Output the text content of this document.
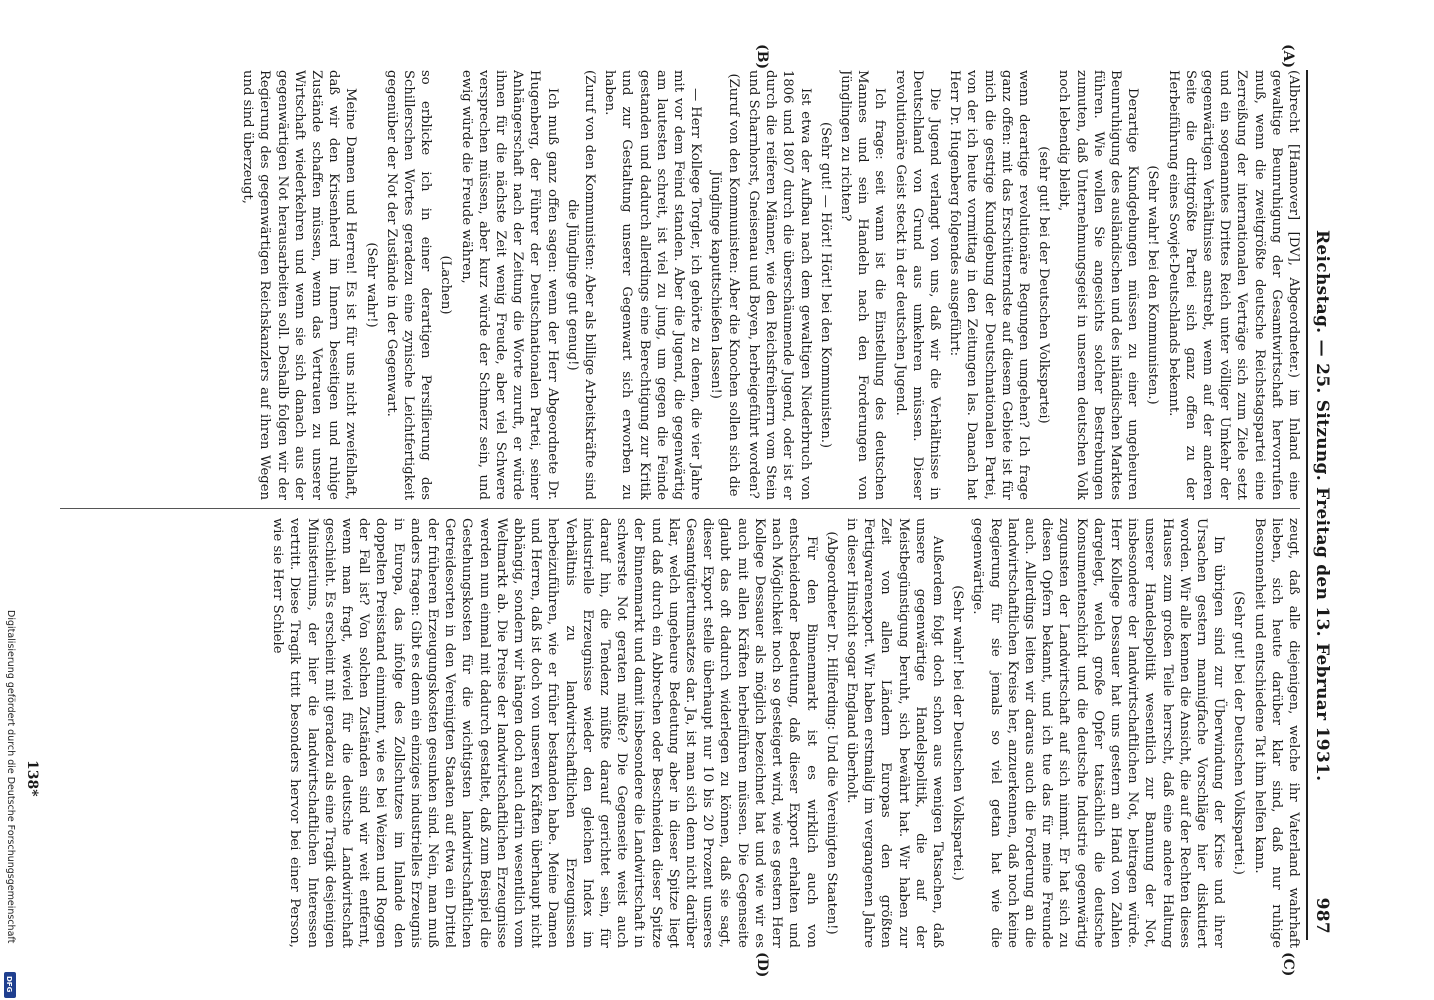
Reichstag. — 25. Sitzung. Freitag den 13. Februar 1931.
987
(A)
(B)
(C)
(D)

(Albrecht [Hannover] [DV], Abgeordneter.) im Inland eine gewaltige Beunruhigung der Gesamtwirtschaft hervorrufen muß, wenn die zweitgrößte deutsche Reichstagspartei eine Zerreißung der internationalen Verträge sich zum Ziele setzt und ein sogenanntes Drittes Reich unter völliger Umkehr der gegenwärtigen Verhältnisse anstrebt, wenn auf der anderen Seite die drittgrößte Partei sich ganz offen zu der Herbeiführung eines Sowjet-Deutschlands bekennt.

(Sehr wahr! bei den Kommunisten.)

Derartige Kundgebungen müssen zu einer ungeheuren Beunruhigung des ausländischen und des inländischen Marktes führen. Wie wollen Sie angesichts solcher Bestrebungen zumuten, daß Unternehmungsgeist in unserem deutschen Volk noch lebendig bleibt,

(sehr gut! bei der Deutschen Volkspartei)

wenn derartige revolutionäre Regungen umgehen? Ich frage ganz offen: mit das Erschütterndste auf diesem Gebiete ist für mich die gestrige Kundgebung der Deutschnationalen Partei, von der ich heute vormittag in den Zeitungen las. Danach hat Herr Dr. Hugenberg folgendes ausgeführt:

Die Jugend verlangt von uns, daß wir die Verhältnisse in Deutschland von Grund aus umkehren müssen. Dieser revolutionäre Geist steckt in der deutschen Jugend.

Ich frage: seit wann ist die Einstellung des deutschen Mannes und sein Handeln nach den Forderungen von Jünglingen zu richten?

(Sehr gut! — Hört! Hört! bei den Kommunisten.)

Ist etwa der Aufbau nach dem gewaltigen Niederbruch von 1806 und 1807 durch die überschäumende Jugend, oder ist er durch die reiferen Männer, wie den Reichsfreiherrn vom Stein und Scharnhorst, Gneisenau und Boyen, herbeigeführt worden?

(Zuruf von den Kommunisten: Aber die Knochen sollen sich die Jünglinge kaputtschießen lassen!)

— Herr Kollege Torgler, ich gehörte zu denen, die vier Jahre mit vor dem Feind standen. Aber die Jugend, die gegenwärtig am lautesten schreit, ist viel zu jung, um gegen die Feinde gestanden und dadurch allerdings eine Berechtigung zur Kritik und zur Gestaltung unserer Gegenwart sich erworben zu haben.

(Zuruf von den Kommunisten: Aber als billige Arbeitskräfte sind die Jünglinge gut genug!)

Ich muß ganz offen sagen: wenn der Herr Abgeordnete Dr. Hugenberg, der Führer der Deutschnationalen Partei, seiner Anhängerschaft nach der Zeitung die Worte zuruft, er würde ihnen für die nächste Zeit wenig Freude, aber viel Schwere versprechen müssen, aber kurz würde der Schmerz sein, und ewig würde die Freude währen,

(Lachen)

so erblicke ich in einer derartigen Persiflierung des Schillerschen Wortes geradezu eine zynische Leichtfertigkeit gegenüber der Not der Zustände in der Gegenwart.

(Sehr wahr!)

Meine Damen und Herren! Es ist für uns nicht zweifelhaft, daß wir den Krisenherd im Innern beseitigen und ruhige Zustände schaffen müssen, wenn das Vertrauen zu unserer Wirtschaft wiederkehren und wenn sie sich danach aus der gegenwärtigen Not herausarbeiten soll. Deshalb folgen wir der Regierung des gegenwärtigen Reichskanzlers auf ihren Wegen und sind überzeugt,

zeugt, daß alle diejenigen, welche ihr Vaterland wahrhaft lieben, sich heute darüber klar sind, daß nur ruhige Besonnenheit und entschiedene Tat ihm helfen kann.

(Sehr gut! bei der Deutschen Volkspartei.)

Im übrigen sind zur Überwindung der Krise und ihrer Ursachen gestern mannigfache Vorschläge hier diskutiert worden. Wir alle kennen die Ansicht, die auf der Rechten dieses Hauses zum großen Teile herrscht, daß eine andere Haltung unserer Handelspolitik wesentlich zur Bannung der Not, insbesondere der landwirtschaftlichen Not, beitragen würde. Herr Kollege Dessauer hat uns gestern an Hand von Zahlen dargelegt, welch große Opfer tatsächlich die deutsche Konsumentenschicht und die deutsche Industrie gegenwärtig zugunsten der Landwirtschaft auf sich nimmt. Er hat sich zu diesen Opfern bekannt, und ich tue das für meine Freunde auch. Allerdings leiten wir daraus auch die Forderung an die landwirtschaftlichen Kreise her, anzuerkennen, daß noch keine Regierung für sie jemals so viel getan hat wie die gegenwärtige.

(Sehr wahr! bei der Deutschen Volkspartei.)

Außerdem folgt doch schon aus wenigen Tatsachen, daß unsere gegenwärtige Handelspolitik, die auf der Meistbegünstigung beruht, sich bewährt hat. Wir haben zur Zeit von allen Ländern Europas den größten Fertigwarenexport. Wir haben erstmalig im vergangenen Jahre in dieser Hinsicht sogar England überholt.

(Abgeordneter Dr. Hilferding: Und die Vereinigten Staaten!)

Für den Binnenmarkt ist es wirklich auch von entscheidender Bedeutung, daß dieser Export erhalten und nach Möglichkeit noch so gesteigert wird, wie es gestern Herr Kollege Dessauer als möglich bezeichnet hat und wie wir es auch mit allen Kräften herbeiführen müssen. Die Gegenseite glaubt das oft dadurch widerlegen zu können, daß sie sagt, dieser Export stelle überhaupt nur 10 bis 20 Prozent unseres Gesamtgütertumsatzes dar. Ja, ist man sich denn nicht darüber klar, welch ungeheure Bedeutung aber in dieser Spitze liegt und daß durch ein Abbrechen oder Beschneiden dieser Spitze der Binnenmarkt und damit insbesondere die Landwirtschaft in schwerste Not geraten müßte? Die Gegenseite weist auch darauf hin, die Tendenz müßte darauf gerichtet sein, für industrielle Erzeugnisse wieder den gleichen Index im Verhältnis zu landwirtschaftlichen Erzeugnissen herbeizuführen, wie er früher bestanden habe. Meine Damen und Herren, daß ist doch von unseren Kräften überhaupt nicht abhängig, sondern wir hängen doch auch darin wesentlich vom Weltmarkt ab. Die Preise der landwirtschaftlichen Erzeugnisse werden nun einmal mit dadurch gestaltet, daß zum Beispiel die Gestehungskosten für die wichtigsten landwirtschaftlichen Getreidesorten in den Vereinigten Staaten auf etwa ein Drittel der früheren Erzeugungskosten gesunken sind. Nein, man muß anders fragen: Gibt es denn ein einziges industrielles Erzeugnis in Europa, das infolge des Zollschutzes im Inlande den doppelten Preisstand einnimmt, wie es bei Weizen und Roggen der Fall ist? Von solchen Zuständen sind wir weit entfernt, wenn man fragt, wieviel für die deutsche Landwirtschaft geschieht. Es erscheint mit geradezu als eine Tragik desjenigen Ministeriums, der hier die landwirtschaftlichen Interessen vertritt. Diese Tragik tritt besonders hervor bei einer Person, wie sie Herr Schiele

138*
Digitalisierung gefördert durch die Deutsche Forschungsgemeinschaft
DFG
